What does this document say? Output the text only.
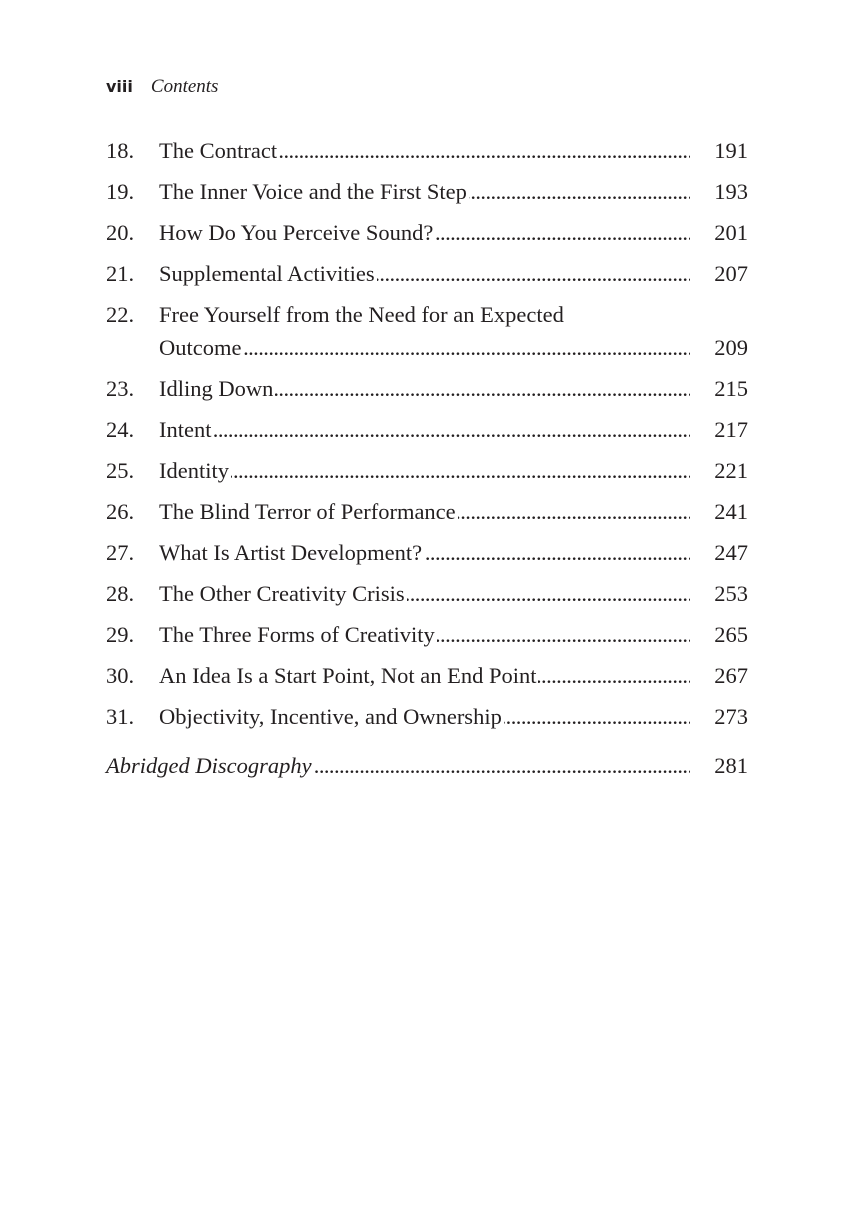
viii Contents
18.	The Contract . . .	191
19.	The Inner Voice and the First Step . . .	193
20.	How Do You Perceive Sound? . . .	201
21.	Supplemental Activities . . .	207
22.	Free Yourself from the Need for an Expected
Outcome . . .	209
23.	Idling Down . . .	215
24.	Intent . . .	217
25.	Identity . . .	221
26.	The Blind Terror of Performance . . .	241
27.	What Is Artist Development? . . .	247
28.	The Other Creativity Crisis . . .	253
29.	The Three Forms of Creativity . . .	265
30.	An Idea Is a Start Point, Not an End Point . . .	267
31.	Objectivity, Incentive, and Ownership . . .	273
Abridged Discography . . .	281
